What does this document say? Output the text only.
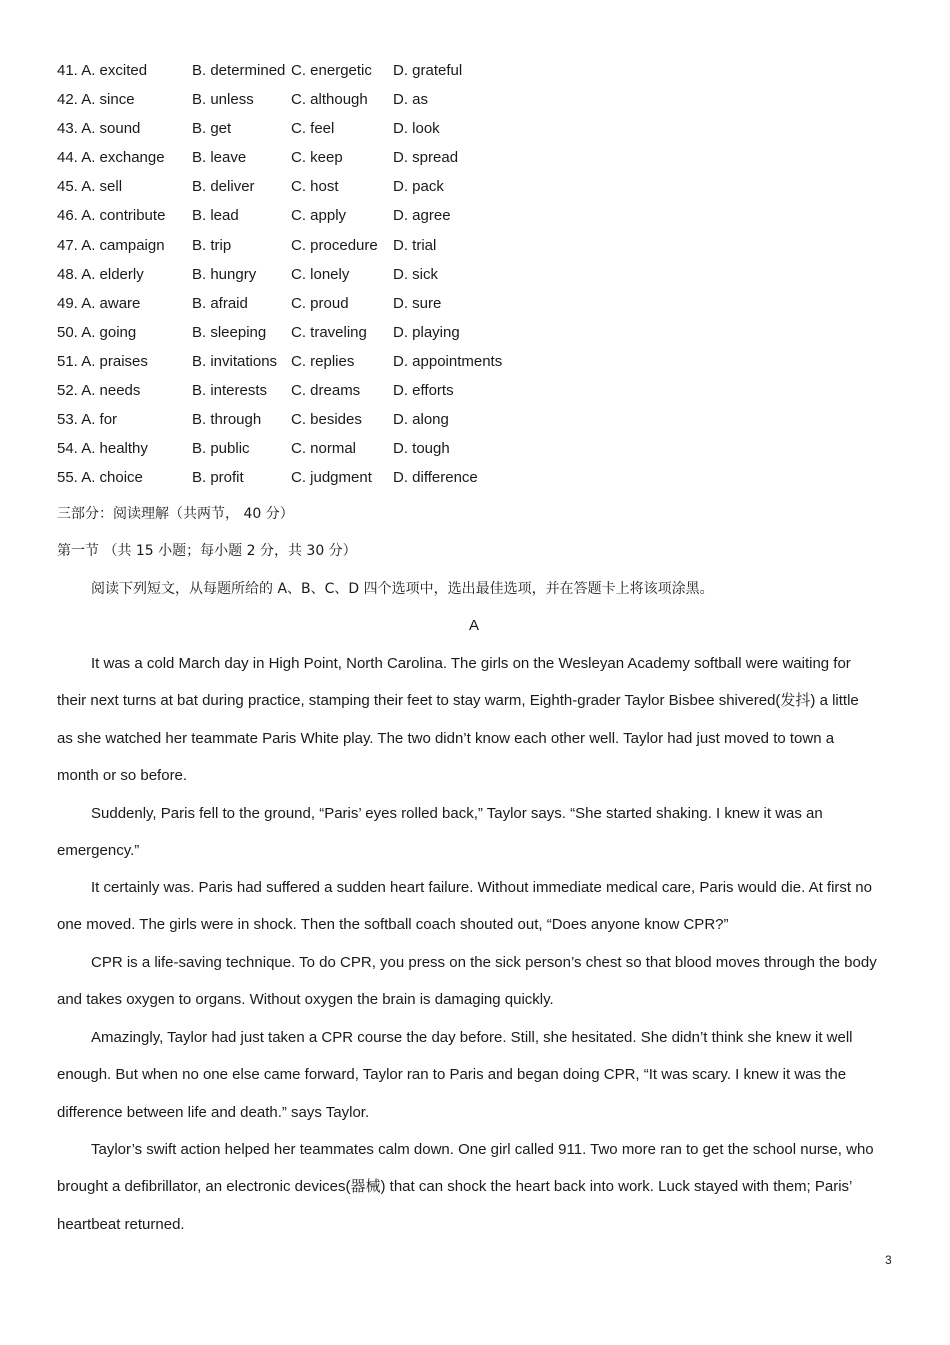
41. A. excited	B. determined C. energetic D. grateful
42. A. since	B. unless C. although D. as
43. A. sound	B. get	C. feel	D. look
44. A. exchange B. leave	C. keep	D. spread
45. A. sell	B. deliver C. host	D. pack
46. A. contribute B. lead	C. apply	D. agree
47. A. campaign B. trip	C. procedure D. trial
48. A. elderly	B. hungry C. lonely	D. sick
49. A. aware	B. afraid	C. proud	D. sure
50. A. going	B. sleeping C. traveling D. playing
51. A. praises	B. invitations C. replies	D. appointments
52. A. needs	B. interests C. dreams D. efforts
53. A. for	B. through C. besides D. along
54. A. healthy	B. public	C. normal D. tough
55. A. choice	B. profit	C. judgment D. difference
三部分：阅读理解（共两节， 40 分）
第一节 （共 15 小题；每小题 2 分，共 30 分）
阅读下列短文，从每题所给的 A、B、C、D 四个选项中，选出最佳选项，并在答题卡上将该项涂黑。
A
It was a cold March day in High Point, North Carolina. The girls on the Wesleyan Academy softball were waiting for
their next turns at bat during practice, stamping their feet to stay warm, Eighth-grader Taylor Bisbee shivered(发抖) a little
as she watched her teammate Paris White play. The two didn’t know each other well. Taylor had just moved to town a
month or so before.
Suddenly, Paris fell to the ground, “Paris’ eyes rolled back,” Taylor says. “She started shaking. I knew it was an
emergency.”
It certainly was. Paris had suffered a sudden heart failure. Without immediate medical care, Paris would die. At first no
one moved. The girls were in shock. Then the softball coach shouted out, “Does anyone know CPR?”
CPR is a life-saving technique. To do CPR, you press on the sick person’s chest so that blood moves through the body
and takes oxygen to organs. Without oxygen the brain is damaging quickly.
Amazingly, Taylor had just taken a CPR course the day before. Still, she hesitated. She didn’t think she knew it well
enough. But when no one else came forward, Taylor ran to Paris and began doing CPR, “It was scary. I knew it was the
difference between life and death.” says Taylor.
Taylor’s swift action helped her teammates calm down. One girl called 911. Two more ran to get the school nurse, who
brought a defibrillator, an electronic devices(器械) that can shock the heart back into work. Luck stayed with them; Paris’
heartbeat returned.
3
